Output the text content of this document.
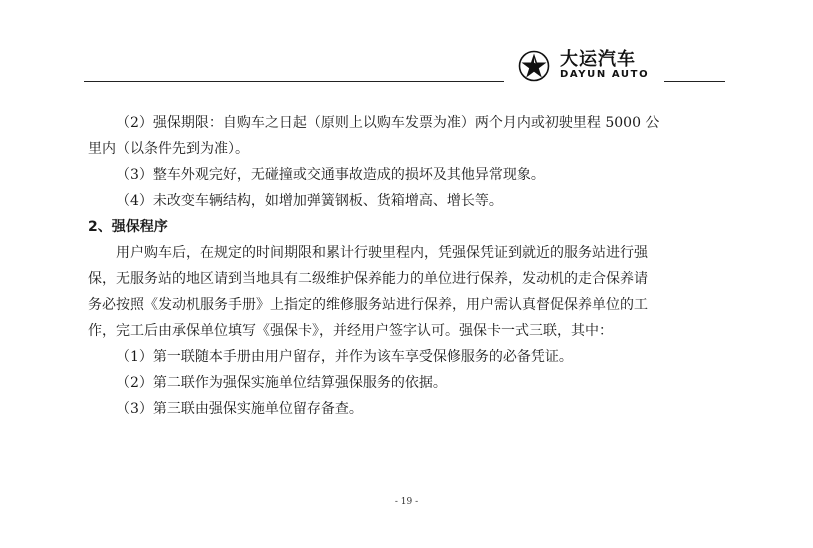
大运汽车
DAYUN AUTO

（2）强保期限：自购车之日起（原则上以购车发票为准）两个月内或初驶里程 5000 公

里内（以条件先到为准）。

（3）整车外观完好，无碰撞或交通事故造成的损坏及其他异常现象。

（4）未改变车辆结构，如增加弹簧钢板、货箱增高、增长等。

2、强保程序

用户购车后，在规定的时间期限和累计行驶里程内，凭强保凭证到就近的服务站进行强

保，无服务站的地区请到当地具有二级维护保养能力的单位进行保养，发动机的走合保养请

务必按照《发动机服务手册》上指定的维修服务站进行保养，用户需认真督促保养单位的工

作，完工后由承保单位填写《强保卡》，并经用户签字认可。强保卡一式三联，其中：

（1）第一联随本手册由用户留存，并作为该车享受保修服务的必备凭证。

（2）第二联作为强保实施单位结算强保服务的依据。

（3）第三联由强保实施单位留存备查。

- 19 -
